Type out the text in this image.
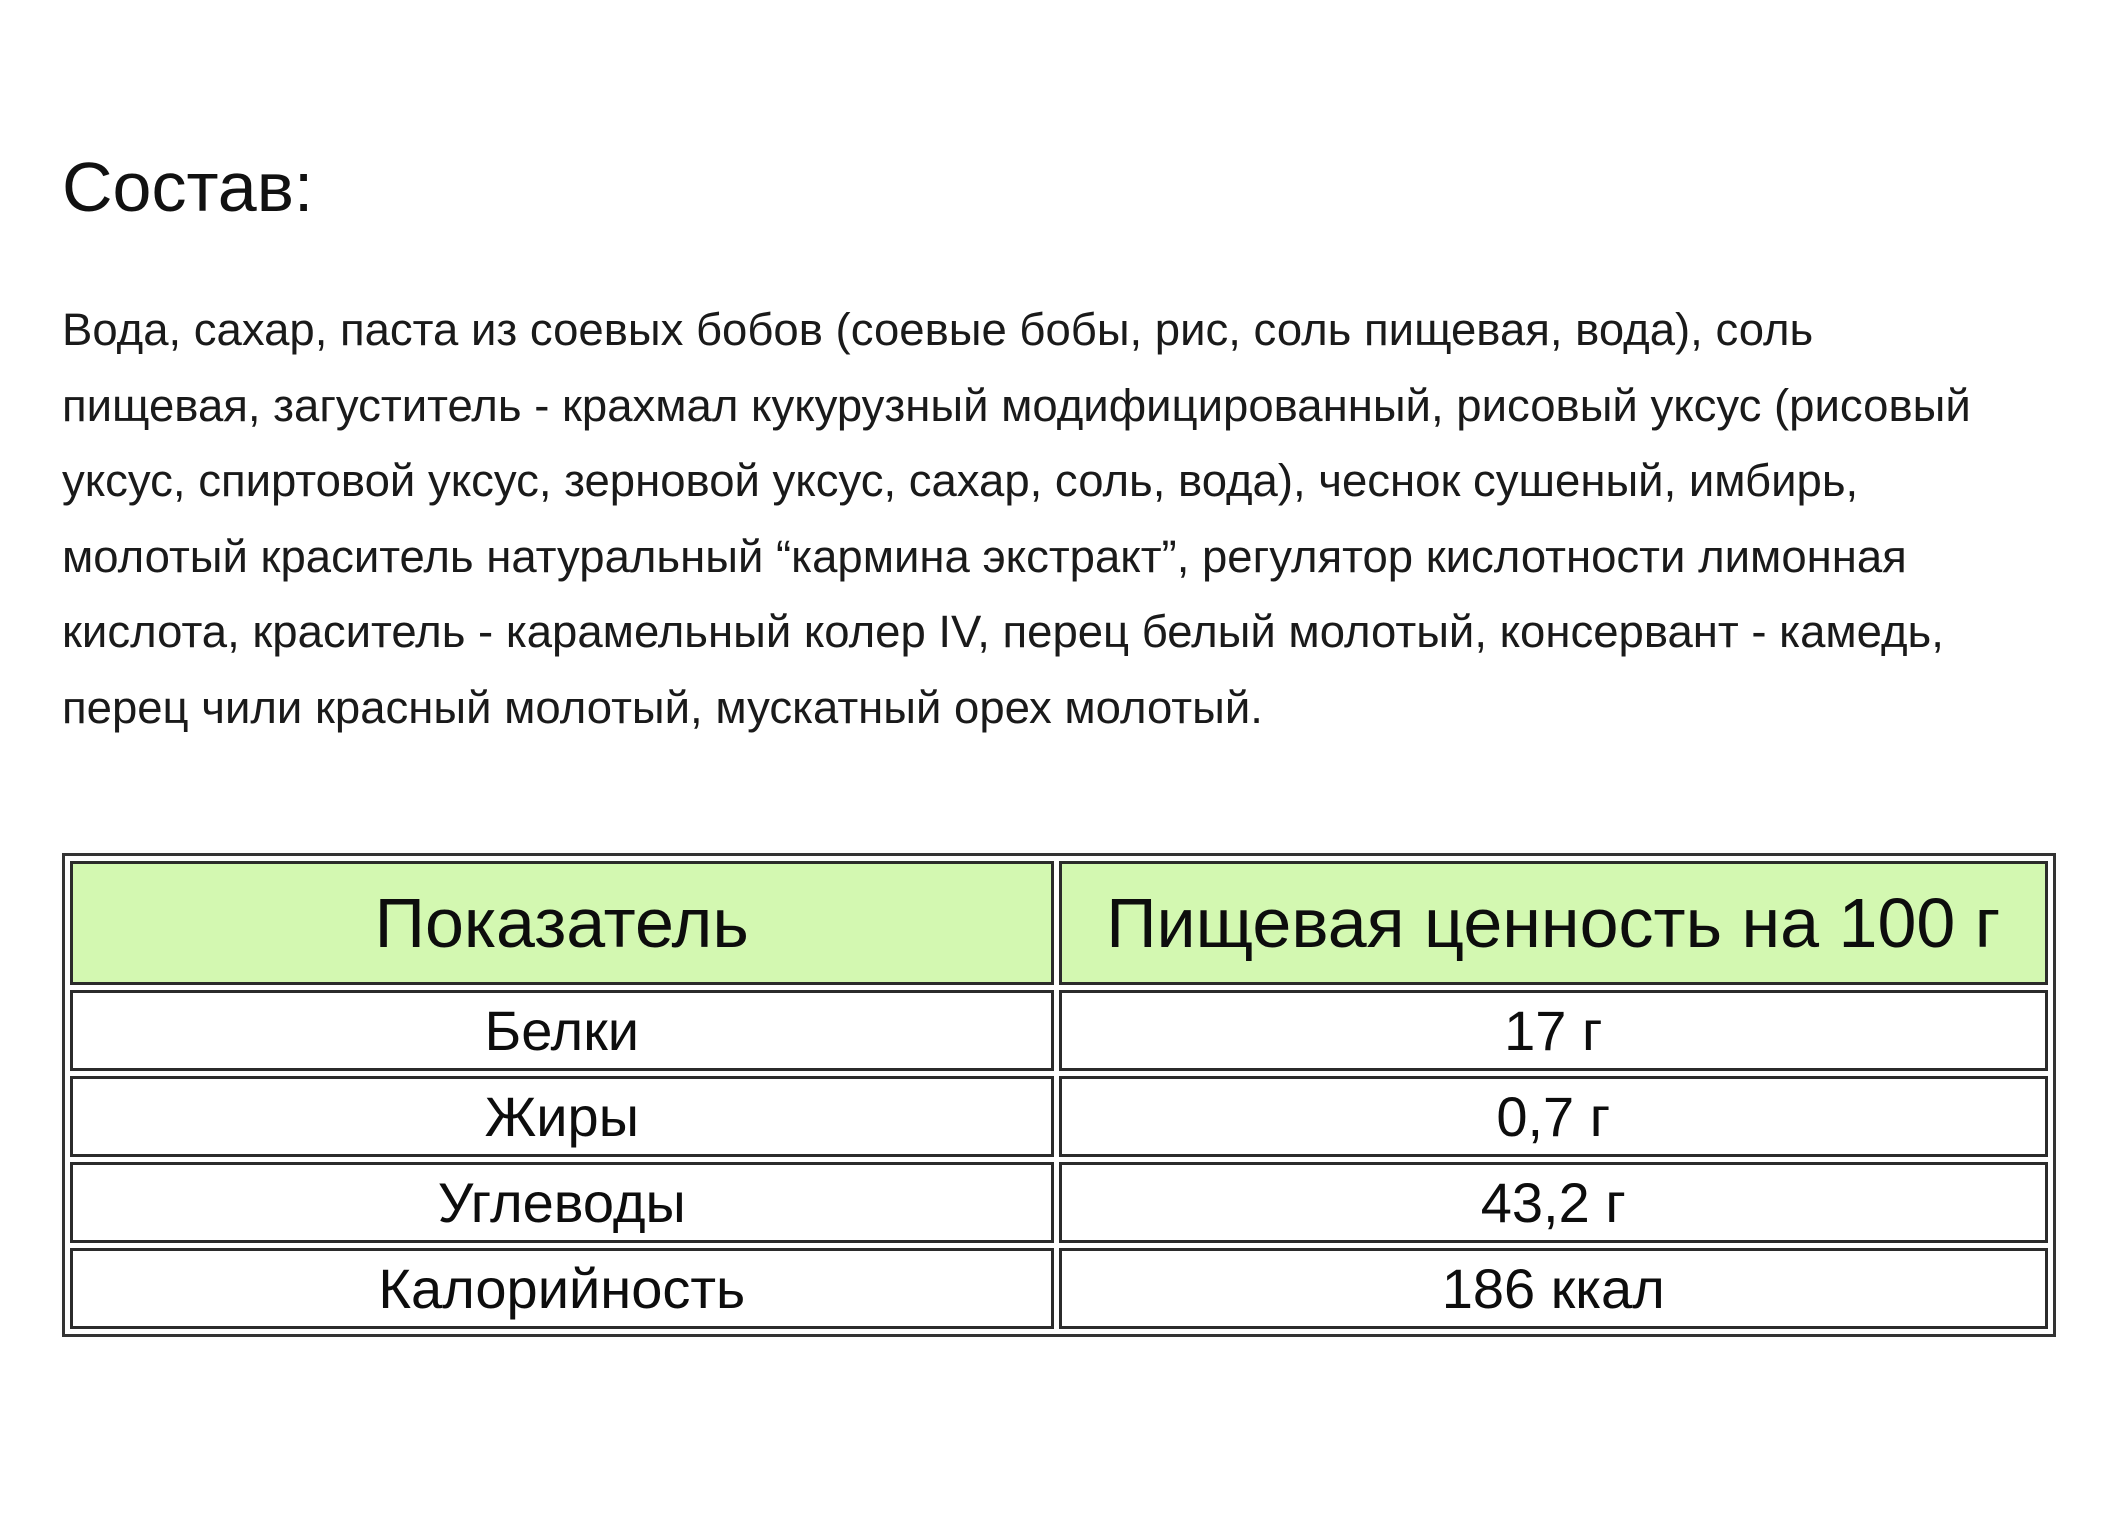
Состав:

Вода, сахар, паста из соевых бобов (соевые бобы, рис, соль пищевая, вода), соль
пищевая, загуститель - крахмал кукурузный модифицированный, рисовый уксус (рисовый
уксус, спиртовой уксус, зерновой уксус, сахар, соль, вода), чеснок сушеный, имбирь,
молотый краситель натуральный “кармина экстракт”, регулятор кислотности лимонная
кислота, краситель - карамельный колер IV, перец белый молотый, консервант - камедь,
перец чили красный молотый, мускатный орех молотый.

Показатель	Пищевая ценность на 100 г
Белки	17 г
Жиры	0,7 г
Углеводы	43,2 г
Калорийность	186 ккал
